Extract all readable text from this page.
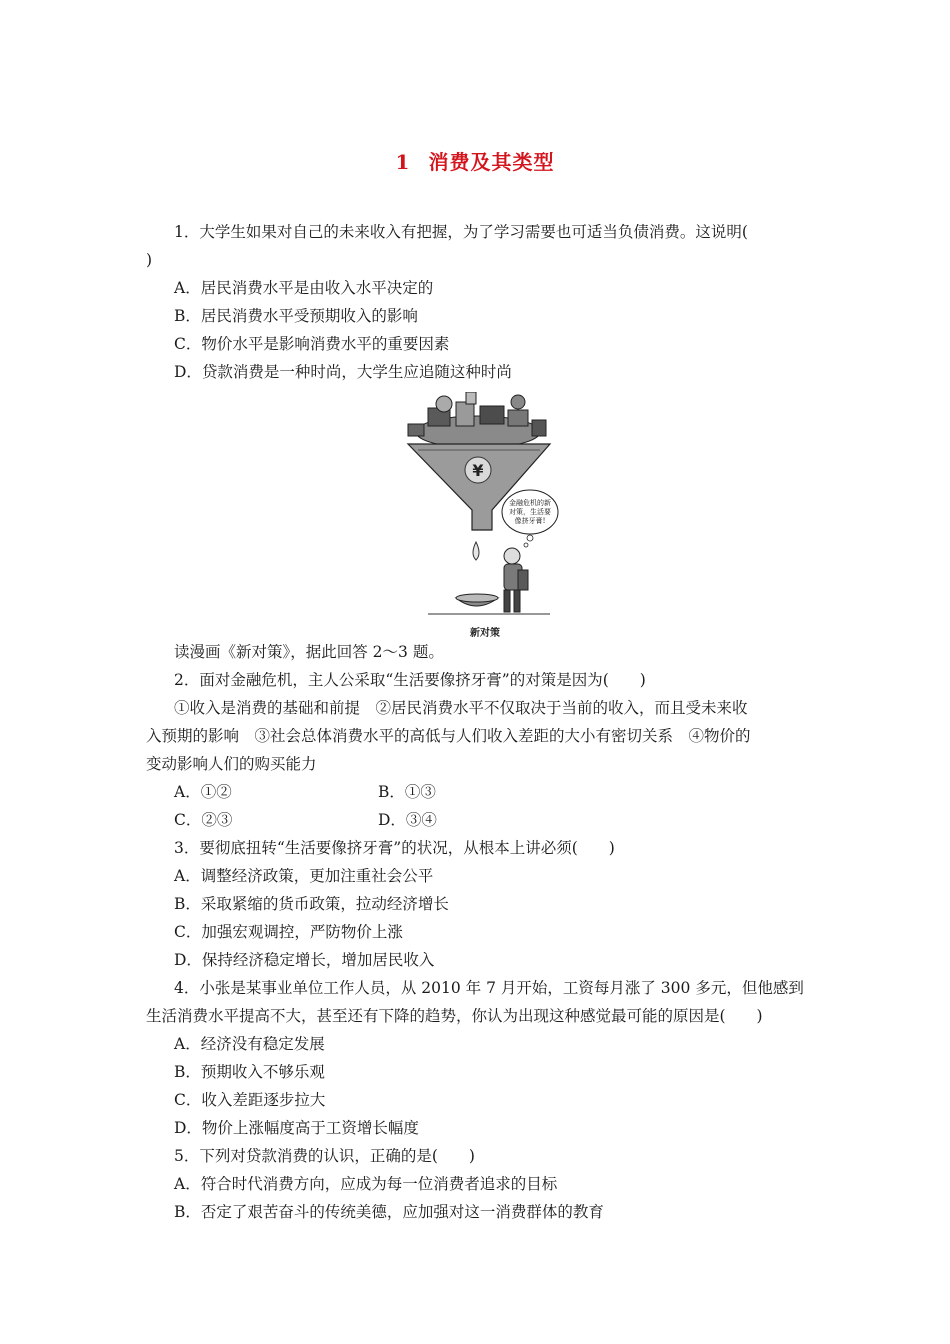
1 消费及其类型
1．大学生如果对自己的未来收入有把握，为了学习需要也可适当负债消费。这说明(
)
A．居民消费水平是由收入水平决定的
B．居民消费水平受预期收入的影响
C．物价水平是影响消费水平的重要因素
D．贷款消费是一种时尚，大学生应追随这种时尚
¥
金融危机的新
对策，生活要
像挤牙膏!
新对策
读漫画《新对策》，据此回答 2～3 题。
2．面对金融危机，主人公采取“生活要像挤牙膏”的对策是因为(　　)
①收入是消费的基础和前提　②居民消费水平不仅取决于当前的收入，而且受未来收
入预期的影响　③社会总体消费水平的高低与人们收入差距的大小有密切关系　④物价的
变动影响人们的购买能力
A．①②	B．①③
C．②③	D．③④
3．要彻底扭转“生活要像挤牙膏”的状况，从根本上讲必须(　　)
A．调整经济政策，更加注重社会公平
B．采取紧缩的货币政策，拉动经济增长
C．加强宏观调控，严防物价上涨
D．保持经济稳定增长，增加居民收入
4．小张是某事业单位工作人员，从 2010 年 7 月开始，工资每月涨了 300 多元，但他感到
生活消费水平提高不大，甚至还有下降的趋势，你认为出现这种感觉最可能的原因是(　　)
A．经济没有稳定发展
B．预期收入不够乐观
C．收入差距逐步拉大
D．物价上涨幅度高于工资增长幅度
5．下列对贷款消费的认识，正确的是(　　)
A．符合时代消费方向，应成为每一位消费者追求的目标
B．否定了艰苦奋斗的传统美德，应加强对这一消费群体的教育
